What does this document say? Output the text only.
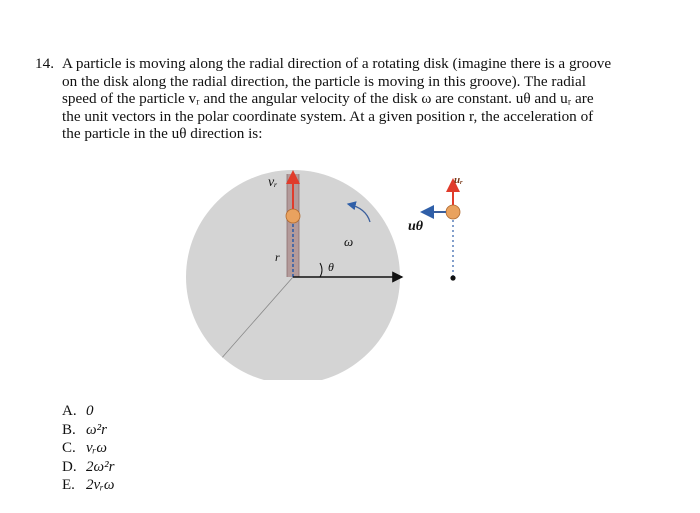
14. A particle is moving along the radial direction of a rotating disk (imagine there is a groove
on the disk along the radial direction, the particle is moving in this groove). The radial
speed of the particle vᵣ and the angular velocity of the disk ω are constant. uθ and uᵣ are
the unit vectors in the polar coordinate system. At a given position r, the acceleration of
the particle in the uθ direction is:
vᵣ
r
θ
ω
uθ
uᵣ
A. 0
B. ω²r
C. vᵣω
D. 2ω²r
E. 2vᵣω
